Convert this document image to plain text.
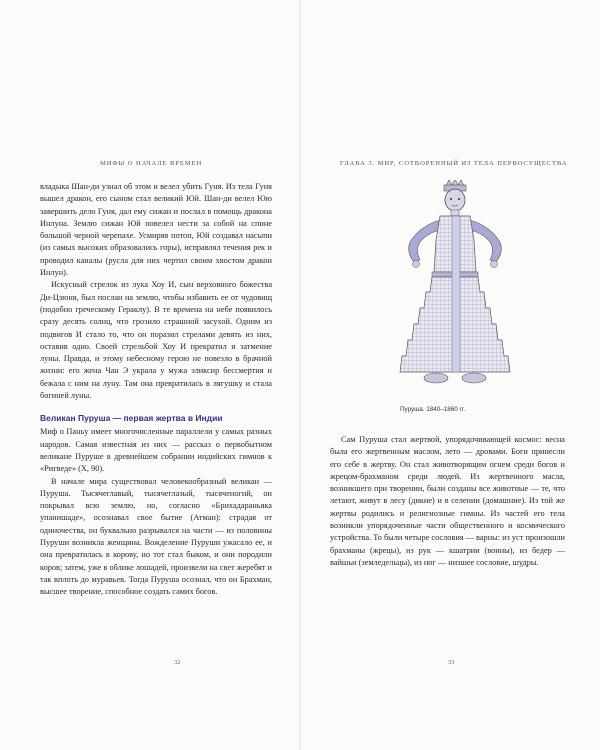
МИФЫ О НАЧАЛЕ ВРЕМЕН

владыка Шан-ди узнал об этом и велел убить Гуня. Из тела Гуня вышел дракон, его сыном стал великий Юй. Шан-ди велел Юю завершить дело Гуня, дал ему сижан и послал в помощь дракона Инлуна. Землю сижан Юй повелел нести за собой на спине большой черной черепахе. Усмиряя потоп, Юй создавал насыпи (из самых высоких образовались горы), исправлял течения рек и проводил каналы (русла для них чертил своим хвостом дракон Инлун).

Искусный стрелок из лука Хоу И, сын верховного божества Ди-Цзюня, был послан на землю, чтобы избавить ее от чудовищ (подобно греческому Гераклу). В те времена на небе появилось сразу десять солнц, что грозило страшной засухой. Одним из подвигов И стало то, что он поразил стрелами девять из них, оставив одно. Своей стрельбой Хоу И прекратил и затмение луны. Правда, и этому небесному герою не повезло в брачной жизни: его жена Чан Э украла у мужа эликсир бессмертия и бежала с ним на луну. Там она превратилась в лягушку и стала богиней луны.

Великан Пуруша — первая жертва в Индии

Миф о Паньу имеет многочисленные параллели у самых разных народов. Самая известная из них — рассказ о первобытном великане Пуруше в древнейшем собрании индийских гимнов к «Ригведе» (X, 90).

В начале мира существовал человекообразный великан — Пуруша. Тысячеглавый, тысячеглазый, тысяченогий, он покрывал всю землю, но, согласно «Брихадараньяка упанишаде», осознавал свое бытие (Атман): страдая от одиночества, он буквально разрывался на части — из половины Пуруши возникла женщина. Вожделение Пуруши ужасало ее, и она превратилась в корову, но тот стал быком, и они породили коров; затем, уже в облике лошадей, произвели на свет жеребят и так вплоть до муравьев. Тогда Пуруша осознал, что он Брахман, высшее творение, способное создать самих богов.

32
ГЛАВА 3. МИР, СОТВОРЕННЫЙ ИЗ ТЕЛА ПЕРВОСУЩЕСТВА
Пуруша. 1840–1860 гг.

Сам Пуруша стал жертвой, упорядочивающей космос: весна была его жертвенным маслом, лето — дровами. Боги принесли его себе в жертву. Он стал животворящим огнем среди богов и жрецом-брахманом среди людей. Из жертвенного масла, возникшего при творении, были созданы все животные — те, что летают, живут в лесу (дикие) и в селении (домашние). Из той же жертвы родились и религиозные гимны. Из частей его тела возникли упорядоченные части общественного и космического устройства. То были четыре сословия — варны: из уст произошли брахманы (жрецы), из рук — кшатрии (воины), из бедер — вайшьи (земледельцы), из ног — низшее сословие, шудры.

33
